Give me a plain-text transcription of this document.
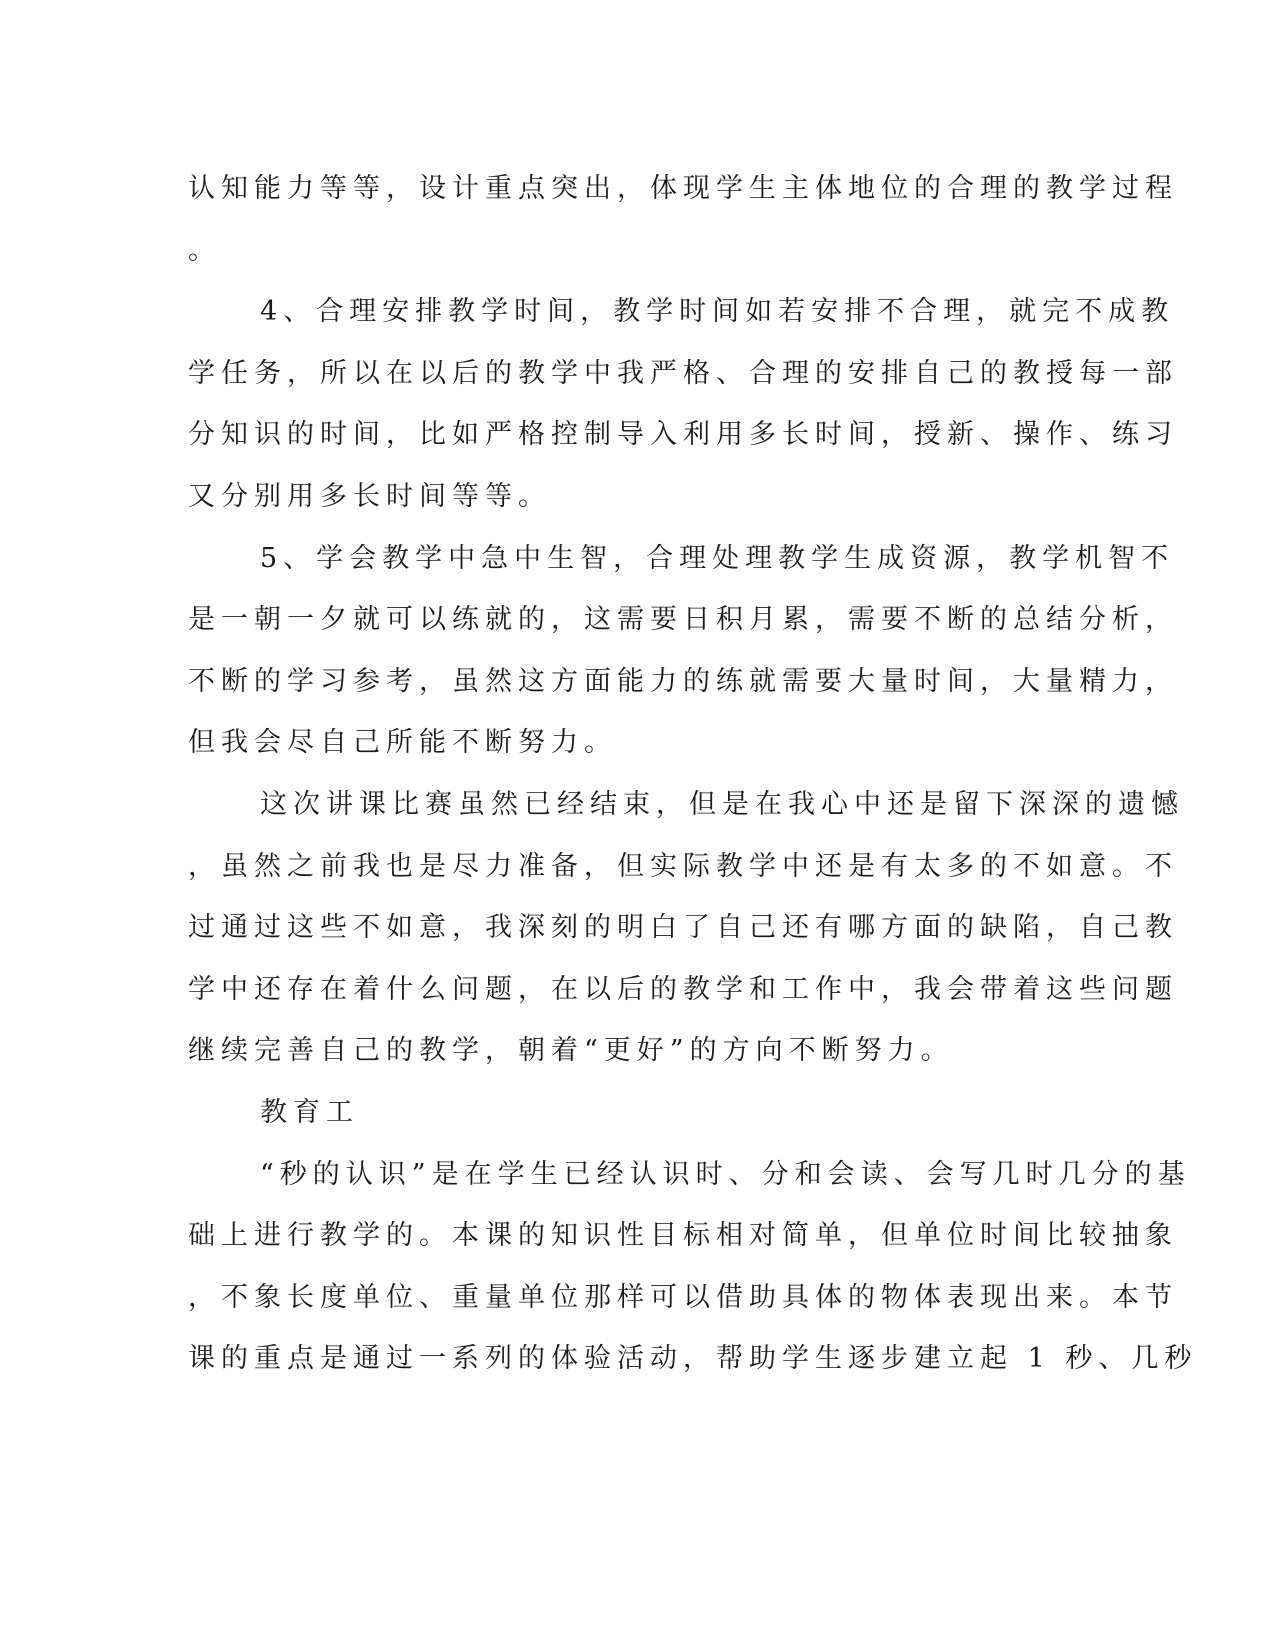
认知能力等等，设计重点突出，体现学生主体地位的合理的教学过程
。
4、合理安排教学时间，教学时间如若安排不合理，就完不成教
学任务，所以在以后的教学中我严格、合理的安排自己的教授每一部
分知识的时间，比如严格控制导入利用多长时间，授新、操作、练习
又分别用多长时间等等。
5、学会教学中急中生智，合理处理教学生成资源，教学机智不
是一朝一夕就可以练就的，这需要日积月累，需要不断的总结分析，
不断的学习参考，虽然这方面能力的练就需要大量时间，大量精力，
但我会尽自己所能不断努力。
这次讲课比赛虽然已经结束，但是在我心中还是留下深深的遗憾
，虽然之前我也是尽力准备，但实际教学中还是有太多的不如意。不
过通过这些不如意，我深刻的明白了自己还有哪方面的缺陷，自己教
学中还存在着什么问题，在以后的教学和工作中，我会带着这些问题
继续完善自己的教学，朝着“更好”的方向不断努力。
教育工
“秒的认识”是在学生已经认识时、分和会读、会写几时几分的基
础上进行教学的。本课的知识性目标相对简单，但单位时间比较抽象
，不象长度单位、重量单位那样可以借助具体的物体表现出来。本节
课的重点是通过一系列的体验活动，帮助学生逐步建立起 1 秒、几秒
